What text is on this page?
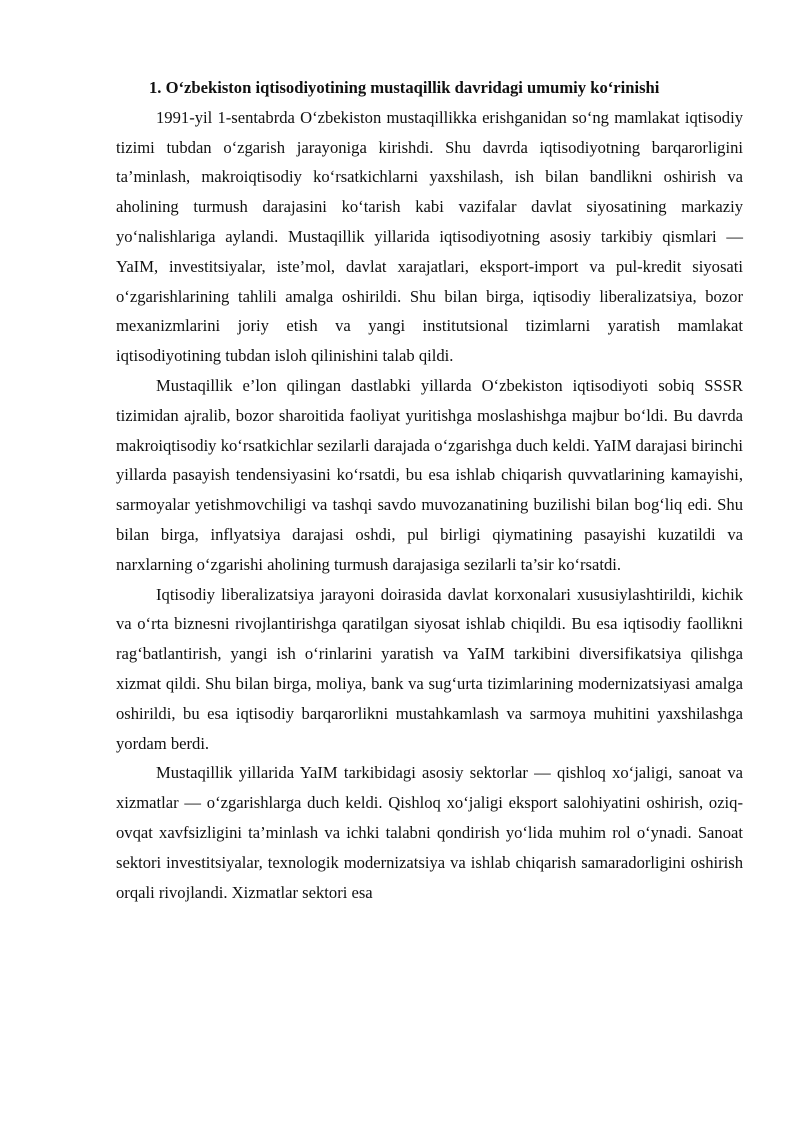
1. O‘zbekiston iqtisodiyotining mustaqillik davridagi umumiy ko‘rinishi

1991-yil 1-sentabrda O‘zbekiston mustaqillikka erishganidan so‘ng mamlakat iqtisodiy tizimi tubdan o‘zgarish jarayoniga kirishdi. Shu davrda iqtisodiyotning barqarorligini ta’minlash, makroiqtisodiy ko‘rsatkichlarni yaxshilash, ish bilan bandlikni oshirish va aholining turmush darajasini ko‘tarish kabi vazifalar davlat siyosatining markaziy yo‘nalishlariga aylandi. Mustaqillik yillarida iqtisodiyotning asosiy tarkibiy qismlari — YaIM, investitsiyalar, iste’mol, davlat xarajatlari, eksport-import va pul-kredit siyosati o‘zgarishlarining tahlili amalga oshirildi. Shu bilan birga, iqtisodiy liberalizatsiya, bozor mexanizmlarini joriy etish va yangi institutsional tizimlarni yaratish mamlakat iqtisodiyotining tubdan isloh qilinishini talab qildi.

Mustaqillik e’lon qilingan dastlabki yillarda O‘zbekiston iqtisodiyoti sobiq SSSR tizimidan ajralib, bozor sharoitida faoliyat yuritishga moslashishga majbur bo‘ldi. Bu davrda makroiqtisodiy ko‘rsatkichlar sezilarli darajada o‘zgarishga duch keldi. YaIM darajasi birinchi yillarda pasayish tendensiyasini ko‘rsatdi, bu esa ishlab chiqarish quvvatlarining kamayishi, sarmoyalar yetishmovchiligi va tashqi savdo muvozanatining buzilishi bilan bog‘liq edi. Shu bilan birga, inflyatsiya darajasi oshdi, pul birligi qiymatining pasayishi kuzatildi va narxlarning o‘zgarishi aholining turmush darajasiga sezilarli ta’sir ko‘rsatdi.

Iqtisodiy liberalizatsiya jarayoni doirasida davlat korxonalari xususiylashtirildi, kichik va o‘rta biznesni rivojlantirishga qaratilgan siyosat ishlab chiqildi. Bu esa iqtisodiy faollikni rag‘batlantirish, yangi ish o‘rinlarini yaratish va YaIM tarkibini diversifikatsiya qilishga xizmat qildi. Shu bilan birga, moliya, bank va sug‘urta tizimlarining modernizatsiyasi amalga oshirildi, bu esa iqtisodiy barqarorlikni mustahkamlash va sarmoya muhitini yaxshilashga yordam berdi.

Mustaqillik yillarida YaIM tarkibidagi asosiy sektorlar — qishloq xo‘jaligi, sanoat va xizmatlar — o‘zgarishlarga duch keldi. Qishloq xo‘jaligi eksport salohiyatini oshirish, oziq-ovqat xavfsizligini ta’minlash va ichki talabni qondirish yo‘lida muhim rol o‘ynadi. Sanoat sektori investitsiyalar, texnologik modernizatsiya va ishlab chiqarish samaradorligini oshirish orqali rivojlandi. Xizmatlar sektori esa
